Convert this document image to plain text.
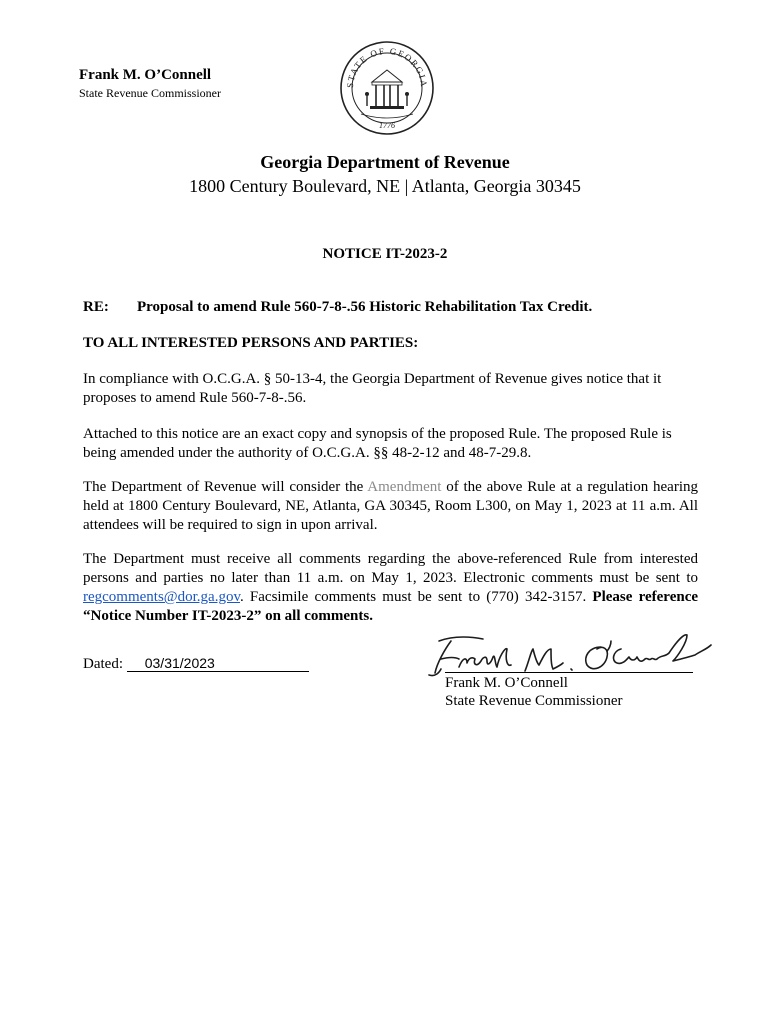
Frank M. O’Connell
State Revenue Commissioner
STATE OF GEORGIA
1776
Georgia Department of Revenue
1800 Century Boulevard, NE | Atlanta, Georgia 30345
NOTICE IT-2023-2
RE: Proposal to amend Rule 560-7-8-.56 Historic Rehabilitation Tax Credit.
TO ALL INTERESTED PERSONS AND PARTIES:

In compliance with O.C.G.A. § 50-13-4, the Georgia Department of Revenue gives notice that it proposes to amend Rule 560-7-8-.56.

Attached to this notice are an exact copy and synopsis of the proposed Rule. The proposed Rule is being amended under the authority of O.C.G.A. §§ 48-2-12 and 48-7-29.8.

The Department of Revenue will consider the Amendment of the above Rule at a regulation hearing held at 1800 Century Boulevard, NE, Atlanta, GA 30345, Room L300, on May 1, 2023 at 11 a.m. All attendees will be required to sign in upon arrival.

The Department must receive all comments regarding the above-referenced Rule from interested persons and parties no later than 11 a.m. on May 1, 2023. Electronic comments must be sent to regcomments@dor.ga.gov. Facsimile comments must be sent to (770) 342-3157. Please reference “Notice Number IT-2023-2” on all comments.

Dated: 03/31/2023
Frank M. O’Connell
State Revenue Commissioner
